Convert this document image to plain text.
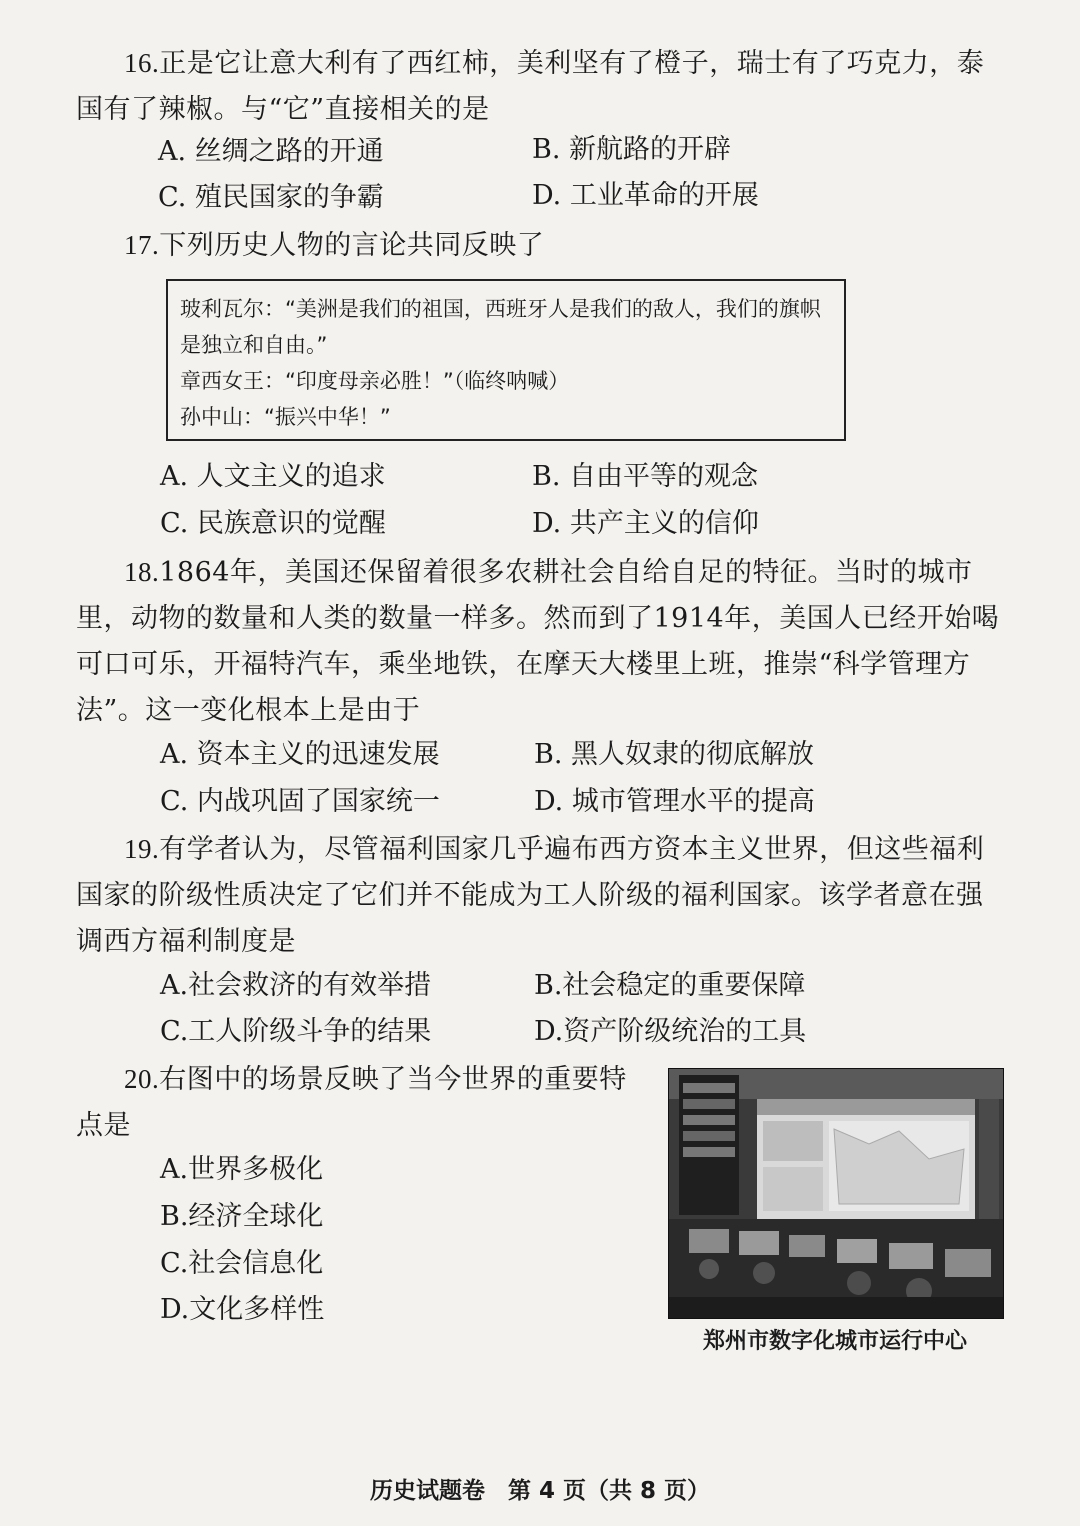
16.正是它让意大利有了西红柿，美利坚有了橙子，瑞士有了巧克力，泰国有了辣椒。与“它”直接相关的是

A. 丝绸之路的开通	B. 新航路的开辟
C. 殖民国家的争霸	D. 工业革命的开展

17.下列历史人物的言论共同反映了

玻利瓦尔：“美洲是我们的祖国，西班牙人是我们的敌人，我们的旗帜是独立和自由。”

章西女王：“印度母亲必胜！”（临终呐喊）

孙中山：“振兴中华！”

A. 人文主义的追求	B. 自由平等的观念
C. 民族意识的觉醒	D. 共产主义的信仰

18.1864年，美国还保留着很多农耕社会自给自足的特征。当时的城市里，动物的数量和人类的数量一样多。然而到了1914年，美国人已经开始喝可口可乐，开福特汽车，乘坐地铁，在摩天大楼里上班，推崇“科学管理方法”。这一变化根本上是由于

A. 资本主义的迅速发展	B. 黑人奴隶的彻底解放
C. 内战巩固了国家统一	D. 城市管理水平的提高

19.有学者认为，尽管福利国家几乎遍布西方资本主义世界，但这些福利国家的阶级性质决定了它们并不能成为工人阶级的福利国家。该学者意在强调西方福利制度是

A.社会救济的有效举措	B.社会稳定的重要保障
C.工人阶级斗争的结果	D.资产阶级统治的工具

20.右图中的场景反映了当今世界的重要特点是

A.世界多极化
B.经济全球化
C.社会信息化
D.文化多样性
郑州市数字化城市运行中心
历史试题卷　第 4 页（共 8 页）
